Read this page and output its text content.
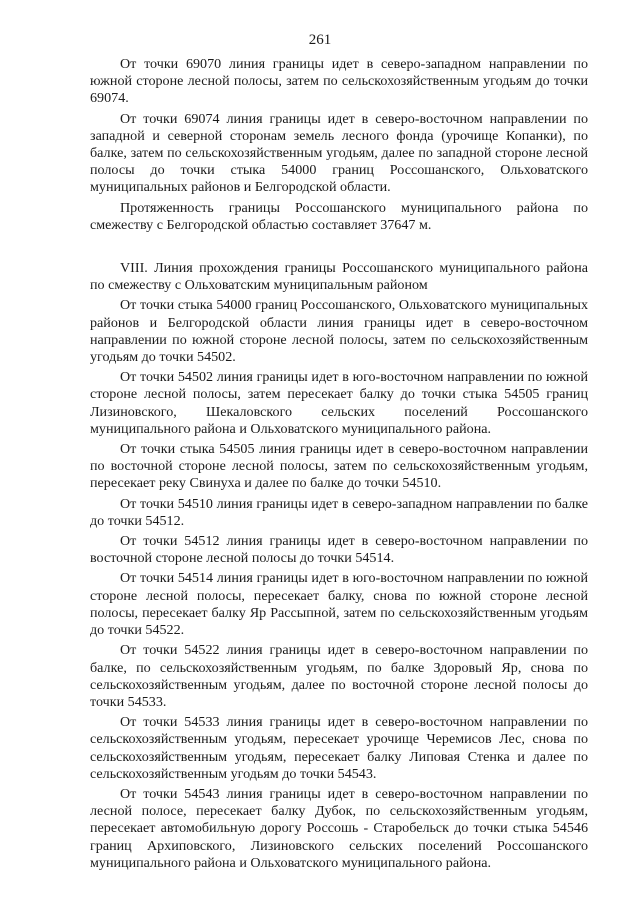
261

От точки 69070 линия границы идет в северо-западном направлении по южной стороне лесной полосы, затем по сельскохозяйственным угодьям до точки 69074.

От точки 69074 линия границы идет в северо-восточном направлении по западной и северной сторонам земель лесного фонда (урочище Копанки), по балке, затем по сельскохозяйственным угодьям, далее по западной стороне лесной полосы до точки стыка 54000 границ Россошанского, Ольховатского муниципальных районов и Белгородской области.

Протяженность границы Россошанского муниципального района по смежеству с Белгородской областью составляет 37647 м.

VIII. Линия прохождения границы Россошанского муниципального района по смежеству с Ольховатским муниципальным районом

От точки стыка 54000 границ Россошанского, Ольховатского муниципальных районов и Белгородской области линия границы идет в северо-восточном направлении по южной стороне лесной полосы, затем по сельскохозяйственным угодьям до точки 54502.

От точки 54502 линия границы идет в юго-восточном направлении по южной стороне лесной полосы, затем пересекает балку до точки стыка 54505 границ Лизиновского, Шекаловского сельских поселений Россошанского муниципального района и Ольховатского муниципального района.

От точки стыка 54505 линия границы идет в северо-восточном направлении по восточной стороне лесной полосы, затем по сельскохозяйственным угодьям, пересекает реку Свинуха и далее по балке до точки 54510.

От точки 54510 линия границы идет в северо-западном направлении по балке до точки 54512.

От точки 54512 линия границы идет в северо-восточном направлении по восточной стороне лесной полосы до точки 54514.

От точки 54514 линия границы идет в юго-восточном направлении по южной стороне лесной полосы, пересекает балку, снова по южной стороне лесной полосы, пересекает балку Яр Рассыпной, затем по сельскохозяйственным угодьям до точки 54522.

От точки 54522 линия границы идет в северо-восточном направлении по балке, по сельскохозяйственным угодьям, по балке Здоровый Яр, снова по сельскохозяйственным угодьям, далее по восточной стороне лесной полосы до точки 54533.

От точки 54533 линия границы идет в северо-восточном направлении по сельскохозяйственным угодьям, пересекает урочище Черемисов Лес, снова по сельскохозяйственным угодьям, пересекает балку Липовая Стенка и далее по сельскохозяйственным угодьям до точки 54543.

От точки 54543 линия границы идет в северо-восточном направлении по лесной полосе, пересекает балку Дубок, по сельскохозяйственным угодьям, пересекает автомобильную дорогу Россошь - Старобельск до точки стыка 54546 границ Архиповского, Лизиновского сельских поселений Россошанского муниципального района и Ольховатского муниципального района.
